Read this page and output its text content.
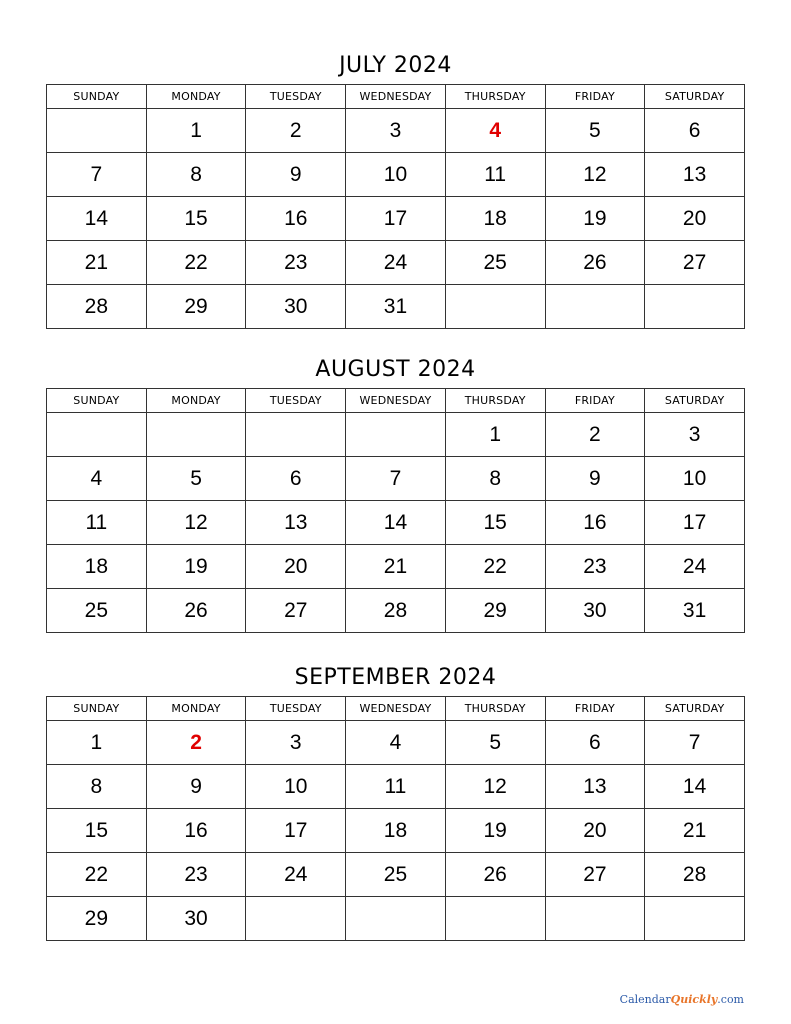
JULY 2024
SUNDAY	MONDAY	TUESDAY	WEDNESDAY	THURSDAY	FRIDAY	SATURDAY
	1	2	3	4	5	6
7	8	9	10	11	12	13
14	15	16	17	18	19	20
21	22	23	24	25	26	27
28	29	30	31			
AUGUST 2024
SUNDAY	MONDAY	TUESDAY	WEDNESDAY	THURSDAY	FRIDAY	SATURDAY
				1	2	3
4	5	6	7	8	9	10
11	12	13	14	15	16	17
18	19	20	21	22	23	24
25	26	27	28	29	30	31
SEPTEMBER 2024
SUNDAY	MONDAY	TUESDAY	WEDNESDAY	THURSDAY	FRIDAY	SATURDAY
1	2	3	4	5	6	7
8	9	10	11	12	13	14
15	16	17	18	19	20	21
22	23	24	25	26	27	28
29	30					
CalendarQuickly.com
